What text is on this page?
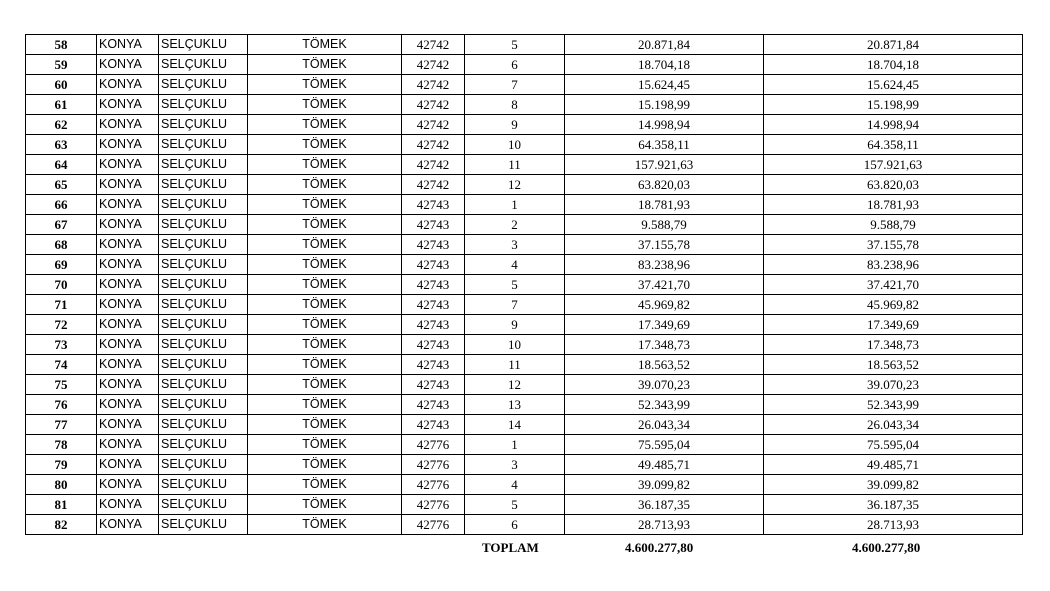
58	KONYA	SELÇUKLU	TÖMEK	42742	5	20.871,84	20.871,84
59	KONYA	SELÇUKLU	TÖMEK	42742	6	18.704,18	18.704,18
60	KONYA	SELÇUKLU	TÖMEK	42742	7	15.624,45	15.624,45
61	KONYA	SELÇUKLU	TÖMEK	42742	8	15.198,99	15.198,99
62	KONYA	SELÇUKLU	TÖMEK	42742	9	14.998,94	14.998,94
63	KONYA	SELÇUKLU	TÖMEK	42742	10	64.358,11	64.358,11
64	KONYA	SELÇUKLU	TÖMEK	42742	11	157.921,63	157.921,63
65	KONYA	SELÇUKLU	TÖMEK	42742	12	63.820,03	63.820,03
66	KONYA	SELÇUKLU	TÖMEK	42743	1	18.781,93	18.781,93
67	KONYA	SELÇUKLU	TÖMEK	42743	2	9.588,79	9.588,79
68	KONYA	SELÇUKLU	TÖMEK	42743	3	37.155,78	37.155,78
69	KONYA	SELÇUKLU	TÖMEK	42743	4	83.238,96	83.238,96
70	KONYA	SELÇUKLU	TÖMEK	42743	5	37.421,70	37.421,70
71	KONYA	SELÇUKLU	TÖMEK	42743	7	45.969,82	45.969,82
72	KONYA	SELÇUKLU	TÖMEK	42743	9	17.349,69	17.349,69
73	KONYA	SELÇUKLU	TÖMEK	42743	10	17.348,73	17.348,73
74	KONYA	SELÇUKLU	TÖMEK	42743	11	18.563,52	18.563,52
75	KONYA	SELÇUKLU	TÖMEK	42743	12	39.070,23	39.070,23
76	KONYA	SELÇUKLU	TÖMEK	42743	13	52.343,99	52.343,99
77	KONYA	SELÇUKLU	TÖMEK	42743	14	26.043,34	26.043,34
78	KONYA	SELÇUKLU	TÖMEK	42776	1	75.595,04	75.595,04
79	KONYA	SELÇUKLU	TÖMEK	42776	3	49.485,71	49.485,71
80	KONYA	SELÇUKLU	TÖMEK	42776	4	39.099,82	39.099,82
81	KONYA	SELÇUKLU	TÖMEK	42776	5	36.187,35	36.187,35
82	KONYA	SELÇUKLU	TÖMEK	42776	6	28.713,93	28.713,93
TOPLAM	4.600.277,80	4.600.277,80
